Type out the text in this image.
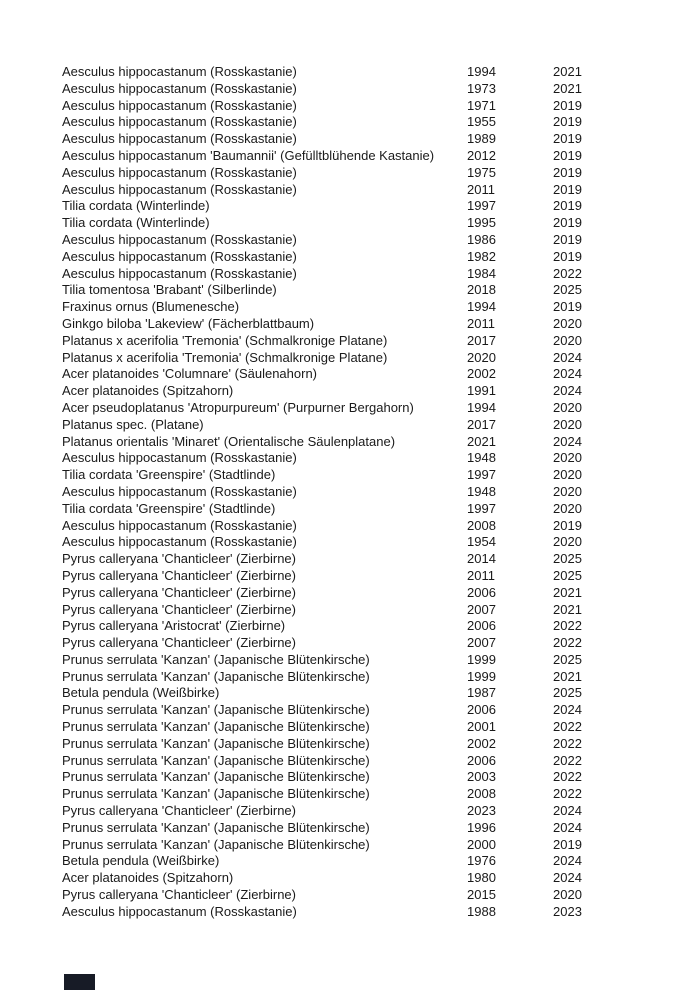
Aesculus hippocastanum (Rosskastanie)	1994	2021
Aesculus hippocastanum (Rosskastanie)	1973	2021
Aesculus hippocastanum (Rosskastanie)	1971	2019
Aesculus hippocastanum (Rosskastanie)	1955	2019
Aesculus hippocastanum (Rosskastanie)	1989	2019
Aesculus hippocastanum 'Baumannii' (Gefülltblühende Kastanie)	2012	2019
Aesculus hippocastanum (Rosskastanie)	1975	2019
Aesculus hippocastanum (Rosskastanie)	2011	2019
Tilia cordata (Winterlinde)	1997	2019
Tilia cordata (Winterlinde)	1995	2019
Aesculus hippocastanum (Rosskastanie)	1986	2019
Aesculus hippocastanum (Rosskastanie)	1982	2019
Aesculus hippocastanum (Rosskastanie)	1984	2022
Tilia tomentosa 'Brabant' (Silberlinde)	2018	2025
Fraxinus ornus (Blumenesche)	1994	2019
Ginkgo biloba 'Lakeview' (Fächerblattbaum)	2011	2020
Platanus x acerifolia 'Tremonia' (Schmalkronige Platane)	2017	2020
Platanus x acerifolia 'Tremonia' (Schmalkronige Platane)	2020	2024
Acer platanoides 'Columnare' (Säulenahorn)	2002	2024
Acer platanoides (Spitzahorn)	1991	2024
Acer pseudoplatanus 'Atropurpureum' (Purpurner Bergahorn)	1994	2020
Platanus spec. (Platane)	2017	2020
Platanus orientalis 'Minaret' (Orientalische Säulenplatane)	2021	2024
Aesculus hippocastanum (Rosskastanie)	1948	2020
Tilia cordata 'Greenspire' (Stadtlinde)	1997	2020
Aesculus hippocastanum (Rosskastanie)	1948	2020
Tilia cordata 'Greenspire' (Stadtlinde)	1997	2020
Aesculus hippocastanum (Rosskastanie)	2008	2019
Aesculus hippocastanum (Rosskastanie)	1954	2020
Pyrus calleryana 'Chanticleer' (Zierbirne)	2014	2025
Pyrus calleryana 'Chanticleer' (Zierbirne)	2011	2025
Pyrus calleryana 'Chanticleer' (Zierbirne)	2006	2021
Pyrus calleryana 'Chanticleer' (Zierbirne)	2007	2021
Pyrus calleryana 'Aristocrat' (Zierbirne)	2006	2022
Pyrus calleryana 'Chanticleer' (Zierbirne)	2007	2022
Prunus serrulata 'Kanzan' (Japanische Blütenkirsche)	1999	2025
Prunus serrulata 'Kanzan' (Japanische Blütenkirsche)	1999	2021
Betula pendula (Weißbirke)	1987	2025
Prunus serrulata 'Kanzan' (Japanische Blütenkirsche)	2006	2024
Prunus serrulata 'Kanzan' (Japanische Blütenkirsche)	2001	2022
Prunus serrulata 'Kanzan' (Japanische Blütenkirsche)	2002	2022
Prunus serrulata 'Kanzan' (Japanische Blütenkirsche)	2006	2022
Prunus serrulata 'Kanzan' (Japanische Blütenkirsche)	2003	2022
Prunus serrulata 'Kanzan' (Japanische Blütenkirsche)	2008	2022
Pyrus calleryana 'Chanticleer' (Zierbirne)	2023	2024
Prunus serrulata 'Kanzan' (Japanische Blütenkirsche)	1996	2024
Prunus serrulata 'Kanzan' (Japanische Blütenkirsche)	2000	2019
Betula pendula (Weißbirke)	1976	2024
Acer platanoides (Spitzahorn)	1980	2024
Pyrus calleryana 'Chanticleer' (Zierbirne)	2015	2020
Aesculus hippocastanum (Rosskastanie)	1988	2023
